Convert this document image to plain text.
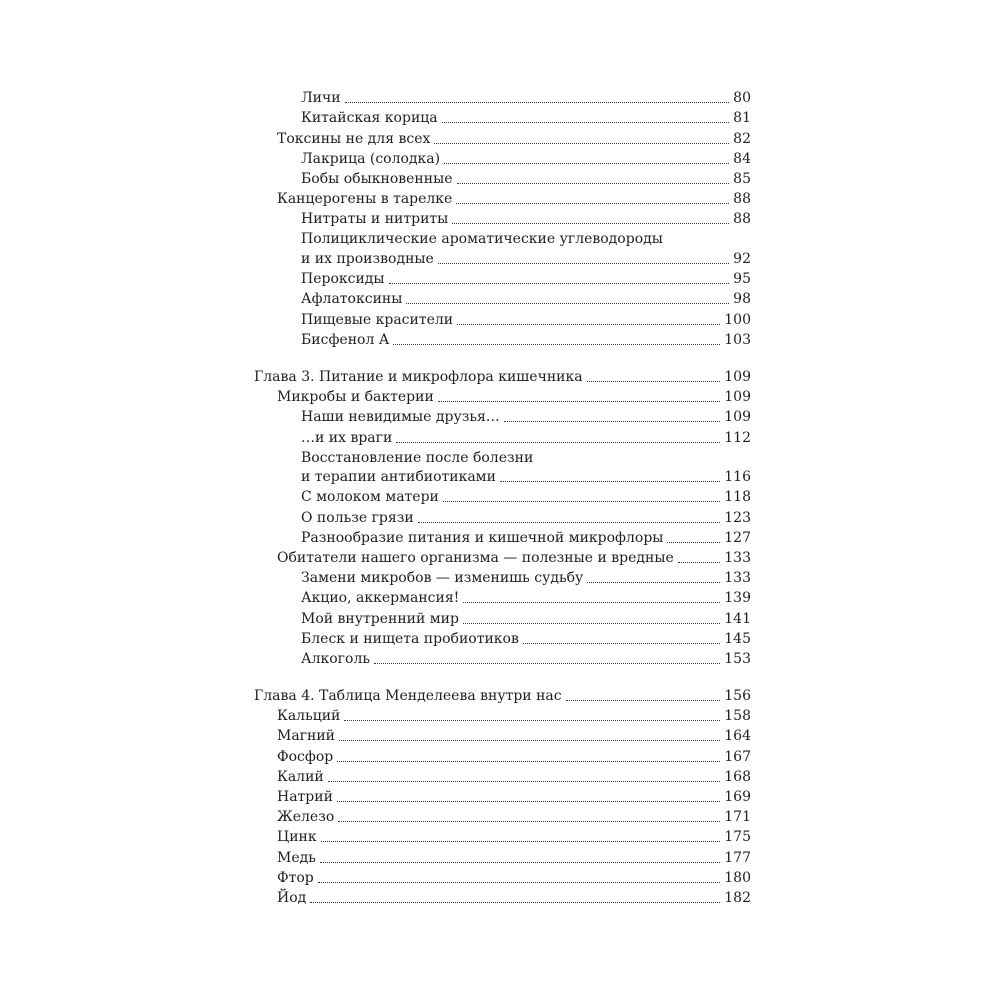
Личи	80
Китайская корица	81
Токсины не для всех	82
Лакрица (солодка)	84
Бобы обыкновенные	85
Канцерогены в тарелке	88
Нитраты и нитриты	88
Полициклические ароматические углеводороды
и их производные	92
Пероксиды	95
Афлатоксины	98
Пищевые красители	100
Бисфенол А	103
Глава 3. Питание и микрофлора кишечника	109
Микробы и бактерии	109
Наши невидимые друзья…	109
…и их враги	112
Восстановление после болезни
и терапии антибиотиками	116
С молоком матери	118
О пользе грязи	123
Разнообразие питания и кишечной микрофлоры	127
Обитатели нашего организма — полезные и вредные	133
Замени микробов — изменишь судьбу	133
Акцио, аккермансия!	139
Мой внутренний мир	141
Блеск и нищета пробиотиков	145
Алкоголь	153
Глава 4. Таблица Менделеева внутри нас	156
Кальций	158
Магний	164
Фосфор	167
Калий	168
Натрий	169
Железо	171
Цинк	175
Медь	177
Фтор	180
Йод	182
